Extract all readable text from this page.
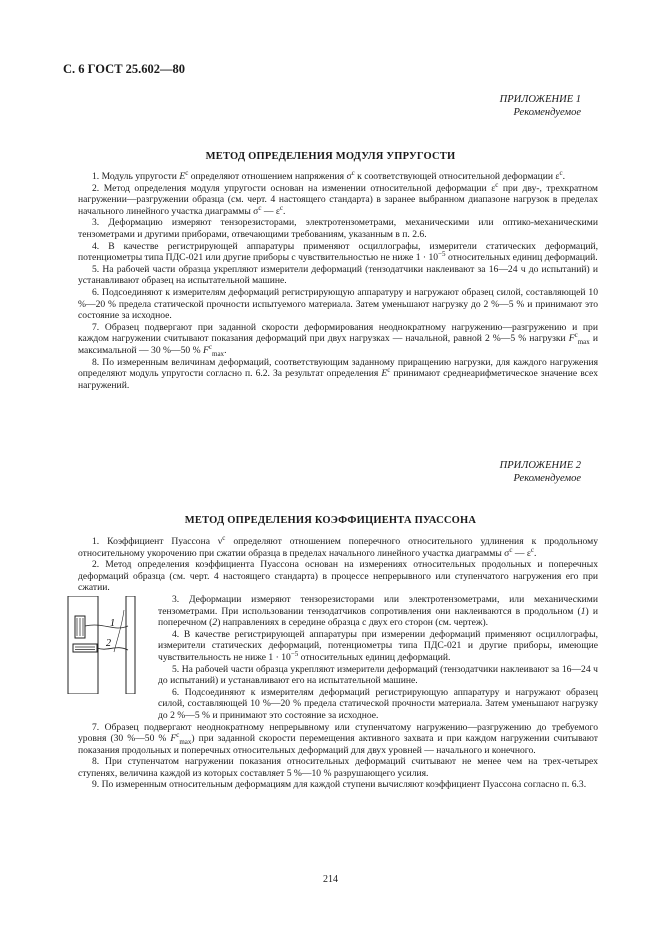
С. 6 ГОСТ 25.602—80
ПРИЛОЖЕНИЕ 1
Рекомендуемое
МЕТОД ОПРЕДЕЛЕНИЯ МОДУЛЯ УПРУГОСТИ

1. Модуль упругости $E^с$ определяют отношением напряжения $\sigma^с$ к соответствующей относительной деформации $\varepsilon^с$.

2. Метод определения модуля упругости основан на изменении относительной деформации $\varepsilon^с$ при дву-, трехкратном нагружении—разгружении образца (см. черт. 4 настоящего стандарта) в заранее выбранном диапазоне нагрузок в пределах начального линейного участка диаграммы $\sigma^с$ — $\varepsilon^с$.

3. Деформацию измеряют тензорезисторами, электротензометрами, механическими или оптико-механическими тензометрами и другими приборами, отвечающими требованиям, указанным в п. 2.6.

4. В качестве регистрирующей аппаратуры применяют осциллографы, измерители статических деформаций, потенциометры типа ПДС-021 или другие приборы с чувствительностью не ниже $1 \cdot 10^{-5}$ относительных единиц деформаций.

5. На рабочей части образца укрепляют измерители деформаций (тензодатчики наклеивают за 16—24 ч до испытаний) и устанавливают образец на испытательной машине.

6. Подсоединяют к измерителям деформаций регистрирующую аппаратуру и нагружают образец силой, составляющей 10 %—20 % предела статической прочности испытуемого материала. Затем уменьшают нагрузку до 2 %—5 % и принимают это состояние за исходное.

7. Образец подвергают при заданной скорости деформирования неоднократному нагружению—разгружению и при каждом нагружении считывают показания деформаций при двух нагрузках — начальной, равной 2 %—5 % нагрузки $F^с_{max}$ и максимальной — 30 %—50 % $F^с_{max}$.

8. По измеренным величинам деформаций, соответствующим заданному приращению нагрузки, для каждого нагружения определяют модуль упругости согласно п. 6.2. За результат определения $E^с$ принимают среднеарифметическое значение всех нагружений.

ПРИЛОЖЕНИЕ 2
Рекомендуемое
МЕТОД ОПРЕДЕЛЕНИЯ КОЭФФИЦИЕНТА ПУАССОНА

1. Коэффициент Пуассона $\nu^с$ определяют отношением поперечного относительного удлинения к продольному относительному укорочению при сжатии образца в пределах начального линейного участка диаграммы $\sigma^с$ — $\varepsilon^с$.

2. Метод определения коэффициента Пуассона основан на измерениях относительных продольных и поперечных деформаций образца (см. черт. 4 настоящего стандарта) в процессе непрерывного или ступенчатого нагружения его при сжатии.

1
2
3. Деформации измеряют тензорезисторами или электротензометрами, или механическими тензометрами. При использовании тензодатчиков сопротивления они наклеиваются в продольном (1) и поперечном (2) направлениях в середине образца с двух его сторон (см. чертеж).

4. В качестве регистрирующей аппаратуры при измерении деформаций применяют осциллографы, измерители статических деформаций, потенциометры типа ПДС-021 и другие приборы, имеющие чувствительность не ниже $1 \cdot 10^{-5}$ относительных единиц деформаций.

5. На рабочей части образца укрепляют измерители деформаций (тензодатчики наклеивают за 16—24 ч до испытаний) и устанавливают его на испытательной машине.

6. Подсоединяют к измерителям деформаций регистрирующую аппаратуру и нагружают образец силой, составляющей 10 %—20 % предела статической прочности материала. Затем уменьшают нагрузку до 2 %—5 % и принимают это состояние за исходное.

7. Образец подвергают неоднократному непрерывному или ступенчатому нагружению—разгружению до требуемого уровня (30 %—50 % $F^с_{max}$) при заданной скорости перемещения активного захвата и при каждом нагружении считывают показания продольных и поперечных относительных деформаций для двух уровней — начального и конечного.

8. При ступенчатом нагружении показания относительных деформаций считывают не менее чем на трех-четырех ступенях, величина каждой из которых составляет 5 %—10 % разрушающего усилия.

9. По измеренным относительным деформациям для каждой ступени вычисляют коэффициент Пуассона согласно п. 6.3.

214
